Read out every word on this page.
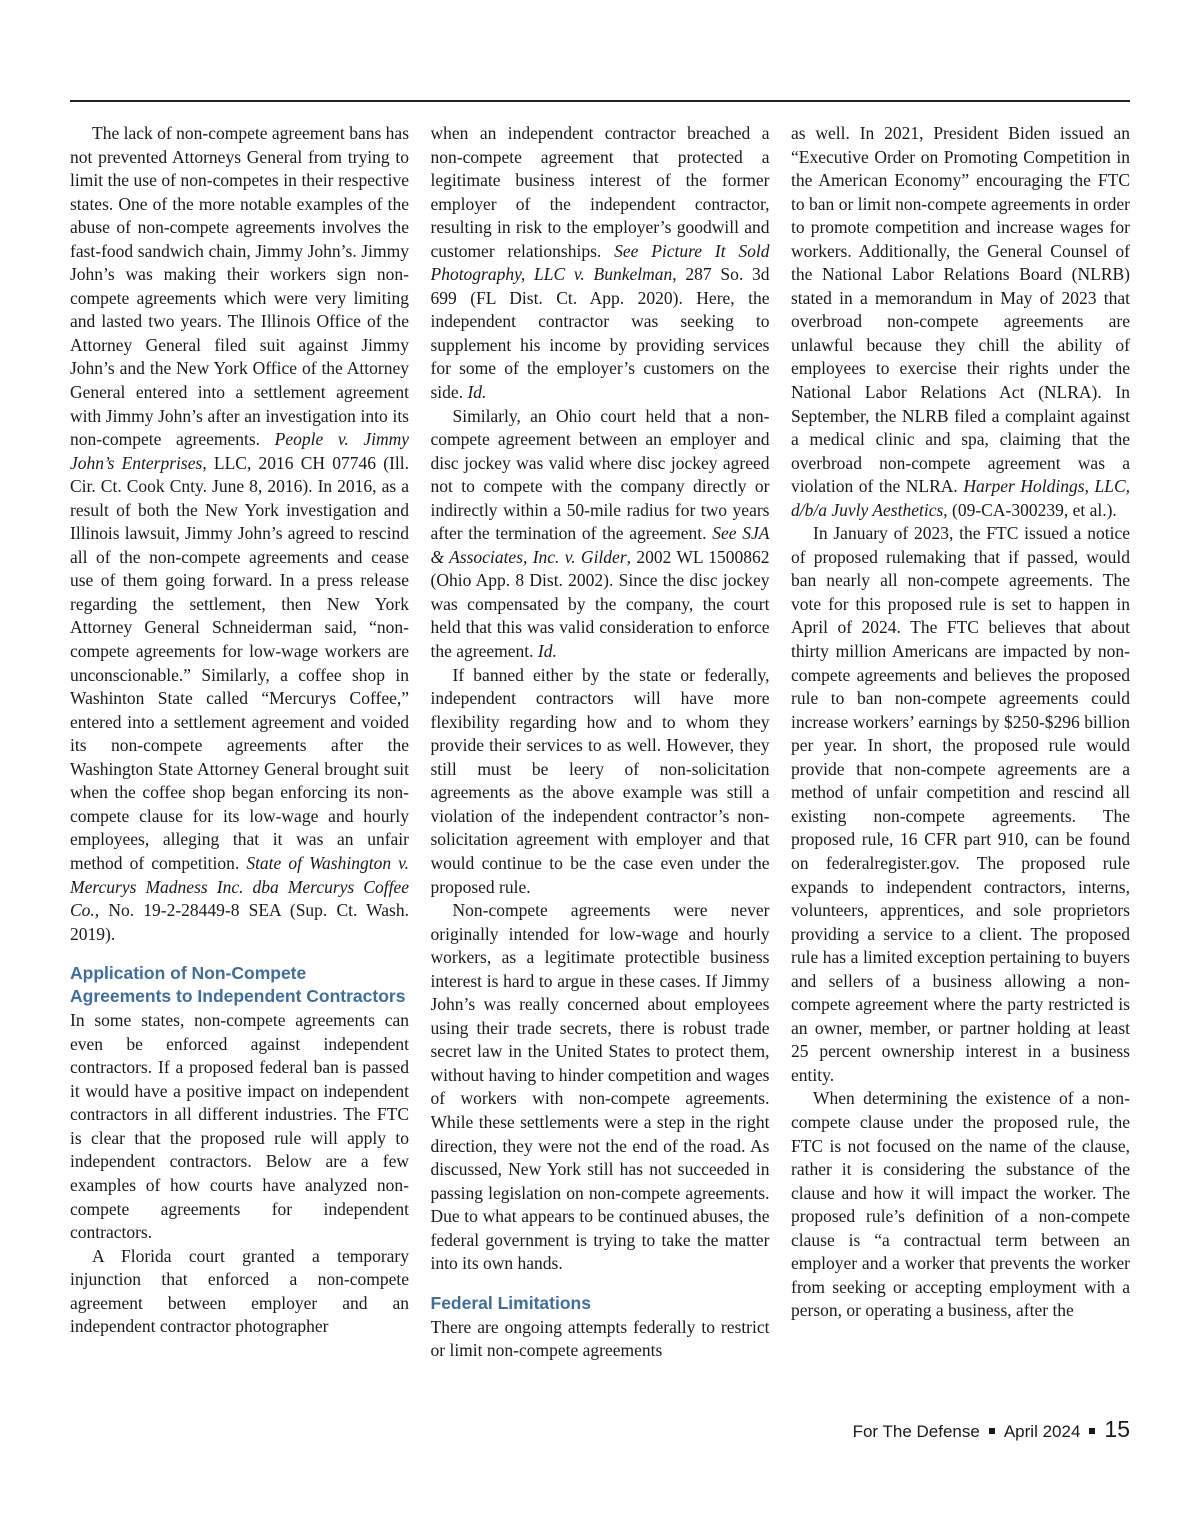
The lack of non-compete agreement bans has not prevented Attorneys General from trying to limit the use of non-competes in their respective states. One of the more notable examples of the abuse of non-compete agreements involves the fast-food sandwich chain, Jimmy John’s. Jimmy John’s was making their workers sign non-compete agreements which were very limiting and lasted two years. The Illinois Office of the Attorney General filed suit against Jimmy John’s and the New York Office of the Attorney General entered into a settlement agreement with Jimmy John’s after an investigation into its non-compete agreements. People v. Jimmy John’s Enterprises, LLC, 2016 CH 07746 (Ill. Cir. Ct. Cook Cnty. June 8, 2016). In 2016, as a result of both the New York investigation and Illinois lawsuit, Jimmy John’s agreed to rescind all of the non-compete agreements and cease use of them going forward. In a press release regarding the settlement, then New York Attorney General Schneiderman said, “non-compete agreements for low-wage workers are unconscionable.” Similarly, a coffee shop in Washinton State called “Mercurys Coffee,” entered into a settlement agreement and voided its non-compete agreements after the Washington State Attorney General brought suit when the coffee shop began enforcing its non-compete clause for its low-wage and hourly employees, alleging that it was an unfair method of competition. State of Washington v. Mercurys Madness Inc. dba Mercurys Coffee Co., No. 19-2-28449-8 SEA (Sup. Ct. Wash. 2019).

Application of Non-Compete Agreements to Independent Contractors

In some states, non-compete agreements can even be enforced against independent contractors. If a proposed federal ban is passed it would have a positive impact on independent contractors in all different industries. The FTC is clear that the proposed rule will apply to independent contractors. Below are a few examples of how courts have analyzed non-compete agreements for independent contractors.

A Florida court granted a temporary injunction that enforced a non-compete agreement between employer and an independent contractor photographer

when an independent contractor breached a non-compete agreement that protected a legitimate business interest of the former employer of the independent contractor, resulting in risk to the employer’s goodwill and customer relationships. See Picture It Sold Photography, LLC v. Bunkelman, 287 So. 3d 699 (FL Dist. Ct. App. 2020). Here, the independent contractor was seeking to supplement his income by providing services for some of the employer’s customers on the side. Id.

Similarly, an Ohio court held that a non-compete agreement between an employer and disc jockey was valid where disc jockey agreed not to compete with the company directly or indirectly within a 50-mile radius for two years after the termination of the agreement. See SJA & Associates, Inc. v. Gilder, 2002 WL 1500862 (Ohio App. 8 Dist. 2002). Since the disc jockey was compensated by the company, the court held that this was valid consideration to enforce the agreement. Id.

If banned either by the state or federally, independent contractors will have more flexibility regarding how and to whom they provide their services to as well. However, they still must be leery of non-solicitation agreements as the above example was still a violation of the independent contractor’s non-solicitation agreement with employer and that would continue to be the case even under the proposed rule.

Non-compete agreements were never originally intended for low-wage and hourly workers, as a legitimate protectible business interest is hard to argue in these cases. If Jimmy John’s was really concerned about employees using their trade secrets, there is robust trade secret law in the United States to protect them, without having to hinder competition and wages of workers with non-compete agreements. While these settlements were a step in the right direction, they were not the end of the road. As discussed, New York still has not succeeded in passing legislation on non-compete agreements. Due to what appears to be continued abuses, the federal government is trying to take the matter into its own hands.

Federal Limitations

There are ongoing attempts federally to restrict or limit non-compete agreements

as well. In 2021, President Biden issued an “Executive Order on Promoting Competition in the American Economy” encouraging the FTC to ban or limit non-compete agreements in order to promote competition and increase wages for workers. Additionally, the General Counsel of the National Labor Relations Board (NLRB) stated in a memorandum in May of 2023 that overbroad non-compete agreements are unlawful because they chill the ability of employees to exercise their rights under the National Labor Relations Act (NLRA). In September, the NLRB filed a complaint against a medical clinic and spa, claiming that the overbroad non-compete agreement was a violation of the NLRA. Harper Holdings, LLC, d/b/a Juvly Aesthetics, (09-CA-300239, et al.).

In January of 2023, the FTC issued a notice of proposed rulemaking that if passed, would ban nearly all non-compete agreements. The vote for this proposed rule is set to happen in April of 2024. The FTC believes that about thirty million Americans are impacted by non-compete agreements and believes the proposed rule to ban non-compete agreements could increase workers’ earnings by $250-$296 billion per year. In short, the proposed rule would provide that non-compete agreements are a method of unfair competition and rescind all existing non-compete agreements. The proposed rule, 16 CFR part 910, can be found on federalregister.gov. The proposed rule expands to independent contractors, interns, volunteers, apprentices, and sole proprietors providing a service to a client. The proposed rule has a limited exception pertaining to buyers and sellers of a business allowing a non-compete agreement where the party restricted is an owner, member, or partner holding at least 25 percent ownership interest in a business entity.

When determining the existence of a non-compete clause under the proposed rule, the FTC is not focused on the name of the clause, rather it is considering the substance of the clause and how it will impact the worker. The proposed rule’s definition of a non-compete clause is “a contractual term between an employer and a worker that prevents the worker from seeking or accepting employment with a person, or operating a business, after the

For The Defense April 2024 15
